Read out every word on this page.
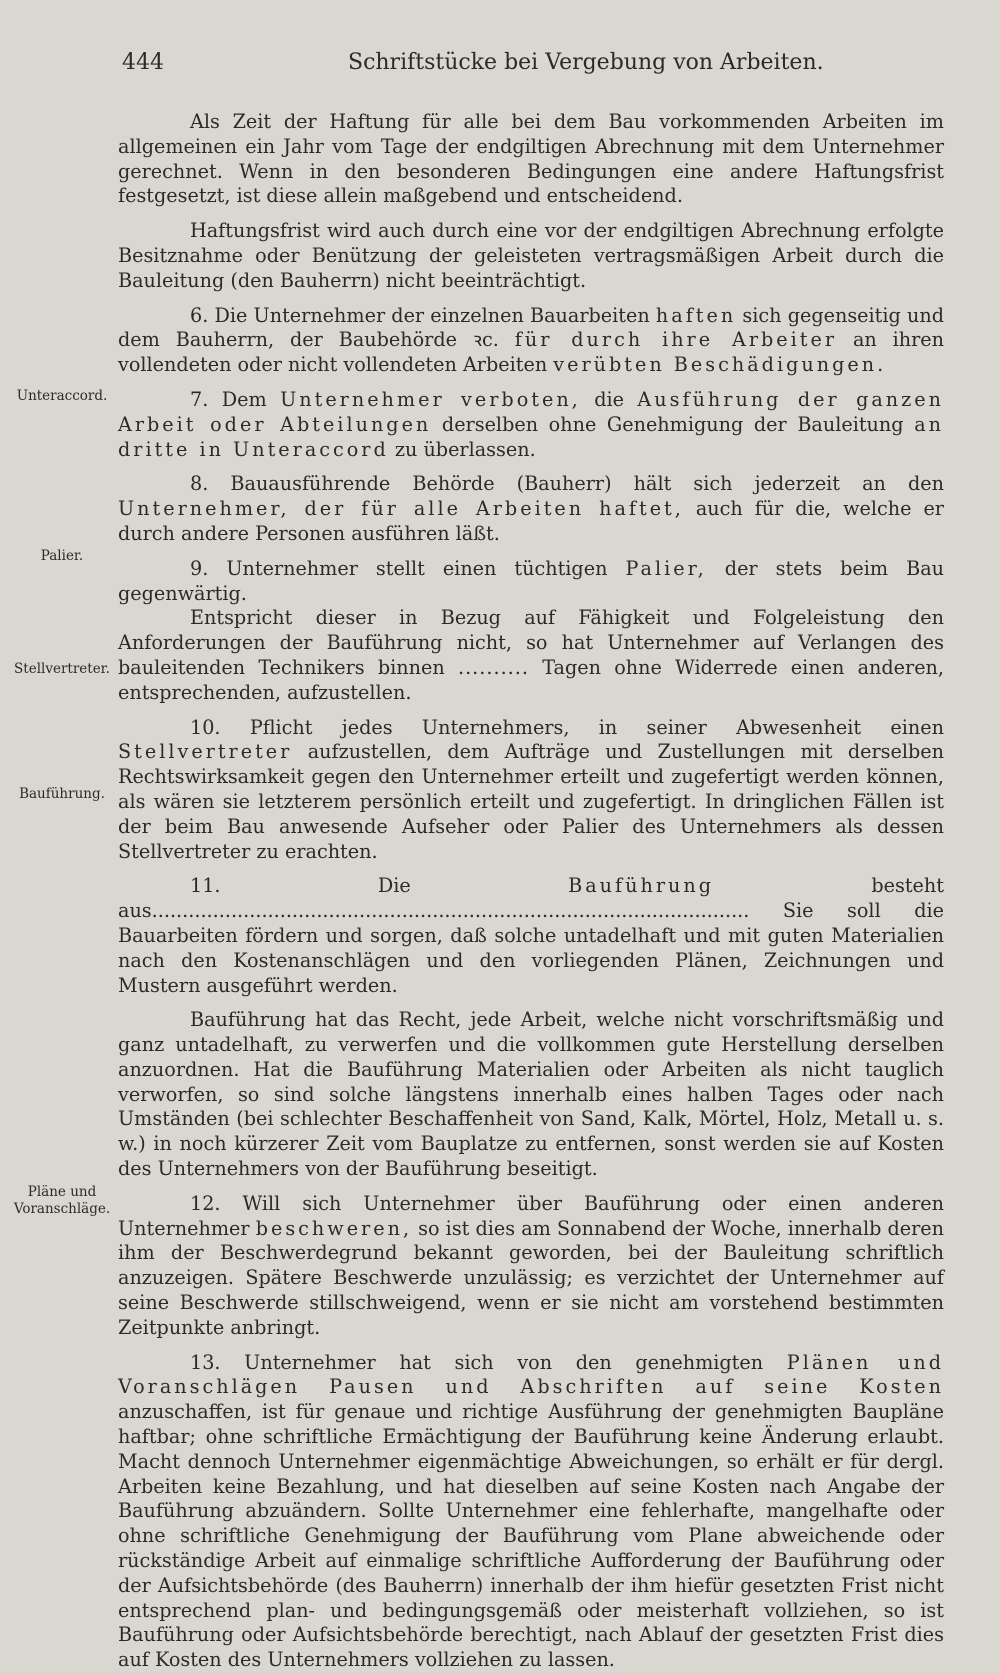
444	Schriftstücke bei Vergebung von Arbeiten.
Unteraccord.
Palier.
Stellvertreter.
Bauführung.
Pläne und
Voranschläge.

Als Zeit der Haftung für alle bei dem Bau vorkommenden Arbeiten im allgemeinen ein Jahr vom Tage der endgiltigen Abrechnung mit dem Unternehmer gerechnet. Wenn in den besonderen Bedingungen eine andere Haftungsfrist festgesetzt, ist diese allein maßgebend und entscheidend.

Haftungsfrist wird auch durch eine vor der endgiltigen Abrechnung erfolgte Besitznahme oder Benützung der geleisteten vertragsmäßigen Arbeit durch die Bauleitung (den Bauherrn) nicht beeinträchtigt.

6. Die Unternehmer der einzelnen Bauarbeiten haften sich gegenseitig und dem Bauherrn, der Baubehörde ꝛc. für durch ihre Arbeiter an ihren vollendeten oder nicht vollendeten Arbeiten verübten Beschädigungen.

7. Dem Unternehmer verboten, die Ausführung der ganzen Arbeit oder Abteilungen derselben ohne Genehmigung der Bauleitung an dritte in Unteraccord zu überlassen.

8. Bauausführende Behörde (Bauherr) hält sich jederzeit an den Unternehmer, der für alle Arbeiten haftet, auch für die, welche er durch andere Personen ausführen läßt.

9. Unternehmer stellt einen tüchtigen Palier, der stets beim Bau gegenwärtig.

Entspricht dieser in Bezug auf Fähigkeit und Folgeleistung den Anforderungen der Bauführung nicht, so hat Unternehmer auf Verlangen des bauleitenden Technikers binnen .......... Tagen ohne Widerrede einen anderen, entsprechenden, aufzustellen.

10. Pflicht jedes Unternehmers, in seiner Abwesenheit einen Stellvertreter aufzustellen, dem Aufträge und Zustellungen mit derselben Rechtswirksamkeit gegen den Unternehmer erteilt und zugefertigt werden können, als wären sie letzterem persönlich erteilt und zugefertigt. In dringlichen Fällen ist der beim Bau anwesende Aufseher oder Palier des Unternehmers als dessen Stellvertreter zu erachten.

11. Die	Bauführung	besteht aus.................................................................................................. Sie soll die Bauarbeiten fördern und sorgen, daß solche untadelhaft und mit guten Materialien nach den Kostenanschlägen und den vorliegenden Plänen, Zeichnungen und Mustern ausgeführt werden.

Bauführung hat das Recht, jede Arbeit, welche nicht vorschriftsmäßig und ganz untadelhaft, zu verwerfen und die vollkommen gute Herstellung derselben anzuordnen. Hat die Bauführung Materialien oder Arbeiten als nicht tauglich verworfen, so sind solche längstens innerhalb eines halben Tages oder nach Umständen (bei schlechter Beschaffenheit von Sand, Kalk, Mörtel, Holz, Metall u. s. w.) in noch kürzerer Zeit vom Bauplatze zu entfernen, sonst werden sie auf Kosten des Unternehmers von der Bauführung beseitigt.

12. Will sich Unternehmer über Bauführung oder einen anderen Unternehmer beschweren, so ist dies am Sonnabend der Woche, innerhalb deren ihm der Beschwerdegrund bekannt geworden, bei der Bauleitung schriftlich anzuzeigen. Spätere Beschwerde unzulässig; es verzichtet der Unternehmer auf seine Beschwerde stillschweigend, wenn er sie nicht am vorstehend bestimmten Zeitpunkte anbringt.

13. Unternehmer hat sich von den genehmigten Plänen und Voranschlägen Pausen und Abschriften auf seine Kosten anzuschaffen, ist für genaue und richtige Ausführung der genehmigten Baupläne haftbar; ohne schriftliche Ermächtigung der Bauführung keine Änderung erlaubt. Macht dennoch Unternehmer eigenmächtige Abweichungen, so erhält er für dergl. Arbeiten keine Bezahlung, und hat dieselben auf seine Kosten nach Angabe der Bauführung abzuändern. Sollte Unternehmer eine fehlerhafte, mangelhafte oder ohne schriftliche Genehmigung der Bauführung vom Plane abweichende oder rückständige Arbeit auf einmalige schriftliche Aufforderung der Bauführung oder der Aufsichtsbehörde (des Bauherrn) innerhalb der ihm hiefür gesetzten Frist nicht entsprechend plan- und bedingungsgemäß oder meisterhaft vollziehen, so ist Bauführung oder Aufsichtsbehörde berechtigt, nach Ablauf der gesetzten Frist dies auf Kosten des Unternehmers vollziehen zu lassen.
